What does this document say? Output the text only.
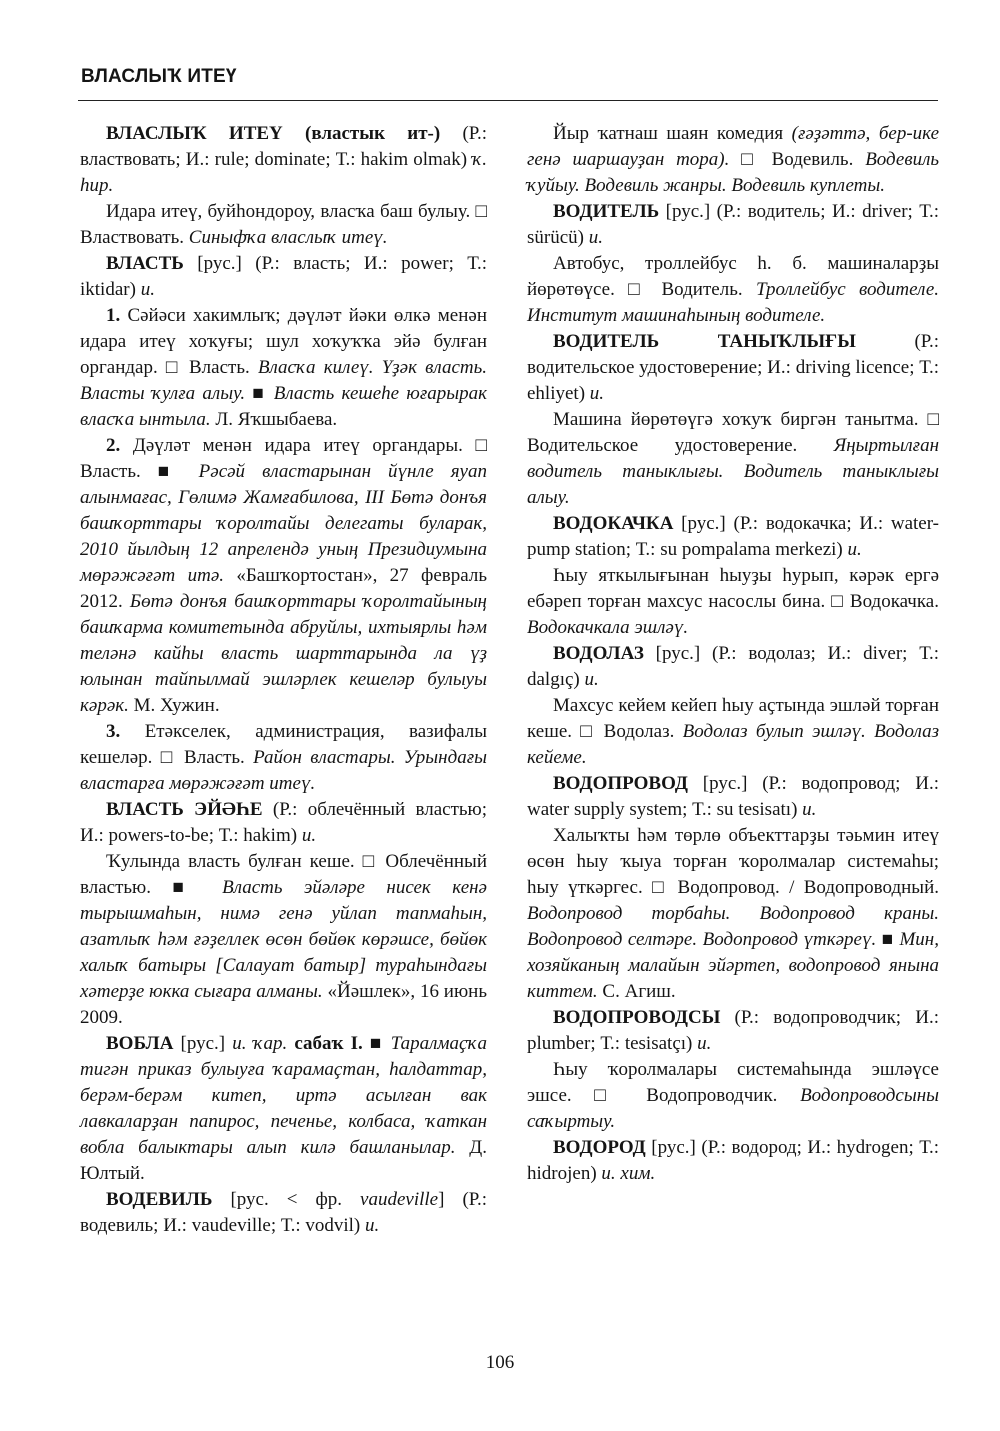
ВЛАСЛЫҠ ИТЕҮ

ВЛАСЛЫҠ ИТЕҮ (властык ит-) (Р.: властвовать; И.: rule; dominate; Т.: hakim olmak) ҡ. hир.

Идара итеү, буйһондороу, власҡа баш булыу. □ Властвовать. Синыфҡа власлыҡ итеү.

ВЛАСТЬ [рус.] (Р.: власть; И.: power; Т.: iktidar) u.

1. Сәйәси хакимлыҡ; дәүләт йәки өлкә менән идара итеү хоҡуғы; шул хоҡуҡҡа эйә булған органдар. □ Власть. Власҡа килеү. Үҙәк власть. Власты ҡулға алыу. ■ Власть кешеһе юғарырак власҡа ынтыла. Л. Яҡшыбаева.

2. Дәүләт менән идара итеү органдары. □ Власть. ■ Рәсәй властарынан йүнле яуап алынмағас, Гөлимә Жамғабилова, III Бөтә донъя башҡорттары ҡоролтайы делегаты буларак, 2010 йылдың 12 апрелендә уның Президиумына мөрәжәғәт итә. «Башҡортостан», 27 февраль 2012. Бөтә донъя башҡорттары ҡоролтайының башҡарма комитетында абруйлы, ихтыярлы һәм теләнә кайһы власть шарттарында ла үҙ юлынан тайпылмай эшләрлек кешеләр булыуы кәрәк. М. Хужин.

3. Етәкселек, администрация, вазифалы кешеләр. □ Власть. Район властары. Урындағы властарға мөрәжәғәт итеү.

ВЛАСТЬ ЭЙӘҺЕ (Р.: облечённый властью; И.: powers-to-be; Т.: hakim) u.

Ҡулында власть булған кеше. □ Облечённый властью. ■ Власть эйәләре нисек кенә тырышмаһын, нимә генә уйлап тапмаһын, азатлыҡ һәм ғәҙеллек өсөн бөйөк көрәшсе, бөйөк халыҡ батыры [Салауат батыр] тураһындағы хәтерҙе юкка сығара алманы. «Йәшлек», 16 июнь 2009.

ВОБЛА [рус.] u. ҡар. сабаҡ I. ■ Таралмаҫҡа тигән приказ булыуға ҡарамаҫтан, һалдаттар, берәм-берәм китеп, иртә асылған вак лавкаларҙан папирос, печенье, колбаса, ҡаткан вобла балыктары алып килә башланылар. Д. Юлтый.

ВОДЕВИЛЬ [рус. < фр. vaudeville] (Р.: водевиль; И.: vaudeville; Т.: vodvil) u.

Йыр ҡатнаш шаян комедия (ғәҙәттә, бер-ике генә шаршауҙан тора). □ Водевиль. Водевиль ҡуйыу. Водевиль жанры. Водевиль куплеты.

ВОДИТЕЛЬ [рус.] (Р.: водитель; И.: driver; Т.: sürücü) u.

Автобус, троллейбус h. б. машиналарҙы йөрөтөүсе. □ Водитель. Троллейбус водителе. Институт машинаһының водителе.

ВОДИТЕЛЬ ТАНЫҠЛЫҒЫ (Р.: водительское удостоверение; И.: driving licence; Т.: ehliyet) u.

Машина йөрөтөүгә хоҡуҡ биргән танытма. □ Водительское удостоверение. Яңыртылған водитель таныклығы. Водитель таныклығы алыу.

ВОДОКАЧКА [рус.] (Р.: водокачка; И.: water-pump station; Т.: su pompalama merkezi) u.

Һыу яткылығынан һыуҙы һурып, кәрәк ергә ебәреп торған махсус насослы бина. □ Водокачка. Водокачкала эшләү.

ВОДОЛАЗ [рус.] (Р.: водолаз; И.: diver; Т.: dalgıç) u.

Махсус кейем кейеп һыу аҫтында эшләй торған кеше. □ Водолаз. Водолаз булып эшләү. Водолаз кейеме.

ВОДОПРОВОД [рус.] (Р.: водопровод; И.: water supply system; Т.: su tesisatı) u.

Халыҡты һәм төрлө объекттарҙы тәьмин итеү өсөн һыу ҡыуа торған ҡоролмалар системаһы; һыу үткәргес. □ Водопровод. / Водопроводный. Водопровод торбаһы. Водопровод краны. Водопровод селтәре. Водопровод үткәреү. ■ Мин, хозяйканың малайын эйәртеп, водопровод янына киттем. С. Агиш.

ВОДОПРОВОДСЫ (Р.: водопроводчик; И.: plumber; Т.: tesisatçı) u.

Һыу ҡоролмалары системаһында эшләүсе эшсе. □ Водопроводчик. Водопроводсыны саҡыртыу.

ВОДОРОД [рус.] (Р.: водород; И.: hydrogen; Т.: hidrojen) u. хим.

106
